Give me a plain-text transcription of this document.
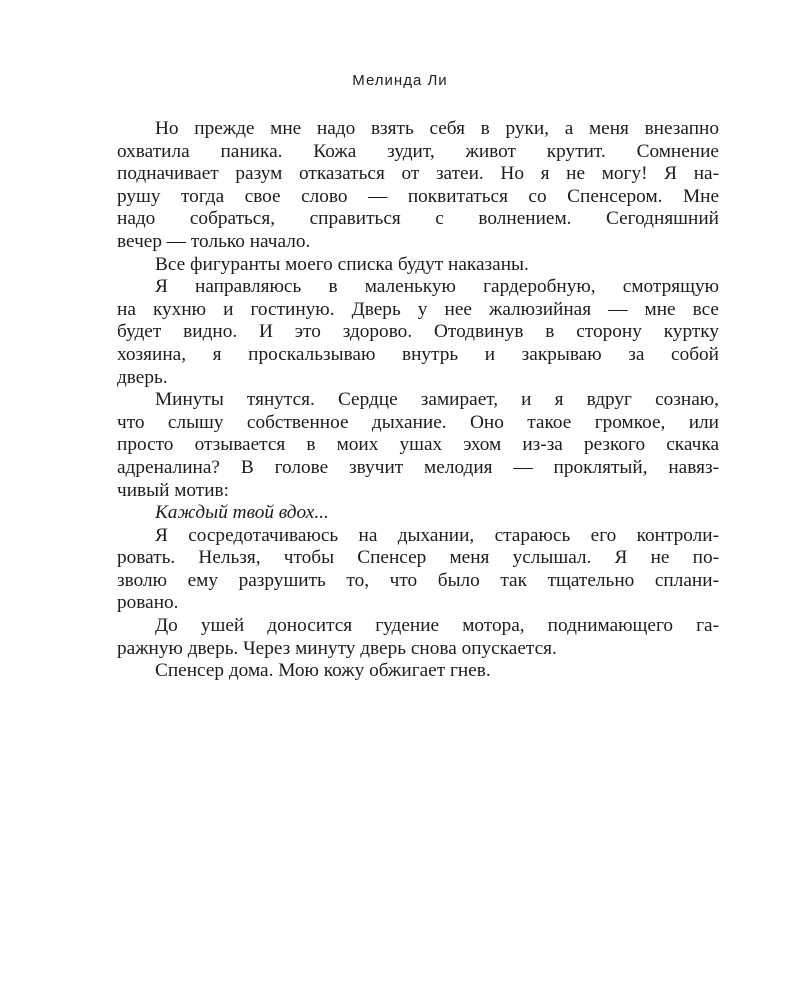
Мелинда Ли
Но прежде мне надо взять себя в руки, а меня внезапно
охватила паника. Кожа зудит, живот крутит. Сомнение
подначивает разум отказаться от затеи. Но я не могу! Я на-
рушу тогда свое слово — поквитаться со Спенсером. Мне
надо собраться, справиться с волнением. Сегодняшний
вечер — только начало.
Все фигуранты моего списка будут наказаны.
Я направляюсь в маленькую гардеробную, смотрящую
на кухню и гостиную. Дверь у нее жалюзийная — мне все
будет видно. И это здорово. Отодвинув в сторону куртку
хозяина, я проскальзываю внутрь и закрываю за собой
дверь.
Минуты тянутся. Сердце замирает, и я вдруг сознаю,
что слышу собственное дыхание. Оно такое громкое, или
просто отзывается в моих ушах эхом из-за резкого скачка
адреналина? В голове звучит мелодия — проклятый, навяз-
чивый мотив:
Каждый твой вдох...
Я сосредотачиваюсь на дыхании, стараюсь его контроли-
ровать. Нельзя, чтобы Спенсер меня услышал. Я не по-
зволю ему разрушить то, что было так тщательно сплани-
ровано.
До ушей доносится гудение мотора, поднимающего га-
ражную дверь. Через минуту дверь снова опускается.
Спенсер дома. Мою кожу обжигает гнев.
